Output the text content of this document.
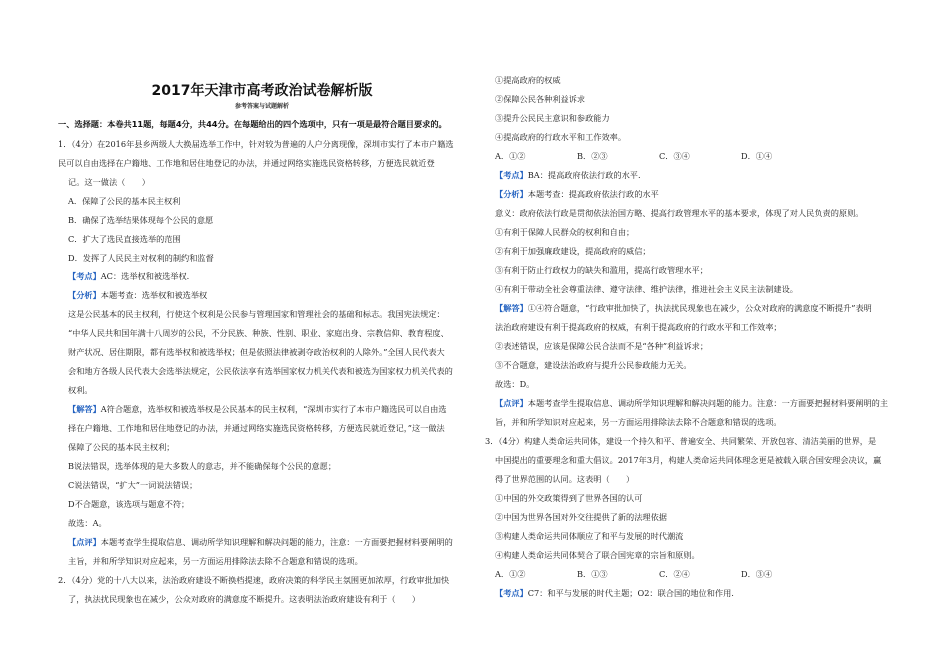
2017年天津市高考政治试卷解析版
参考答案与试题解析
一、选择题：本卷共11题，每题4分，共44分。在每题给出的四个选项中，只有一项是最符合题目要求的。
1．（4分）在2016年县乡两级人大换届选举工作中，针对较为普遍的人户分离现像，深圳市实行了本市户籍选
民可以自由选择在户籍地、工作地和居住地登记的办法，并通过网络实施选民资格转移，方便选民就近登
记。这一做法（　　）
A．保障了公民的基本民主权利
B．确保了选举结果体现每个公民的意愿
C．扩大了选民直接选举的范围
D．发挥了人民民主对权利的制约和监督
【考点】AC：选举权和被选举权.
【分析】本题考查：选举权和被选举权
这是公民基本的民主权利，行使这个权利是公民参与管理国家和管理社会的基础和标志。我国宪法规定：
“中华人民共和国年满十八周岁的公民，不分民族、种族、性别、职业、家庭出身、宗教信仰、教育程度、
财产状况、居住期限，都有选举权和被选举权；但是依照法律被剥夺政治权利的人除外。”全国人民代表大
会和地方各级人民代表大会选举法规定，公民依法享有选举国家权力机关代表和被选为国家权力机关代表的
权利。
【解答】A符合题意，选举权和被选举权是公民基本的民主权利，“深圳市实行了本市户籍选民可以自由选
择在户籍地、工作地和居住地登记的办法，并通过网络实施选民资格转移，方便选民就近登记，”这一做法
保障了公民的基本民主权利；
B说法错误，选举体现的是大多数人的意志，并不能确保每个公民的意愿；
C说法错误，“扩大”一词说法错误；
D不合题意，该选项与题意不符；
故选：A。
【点评】本题考查学生提取信息、调动所学知识理解和解决问题的能力，注意：一方面要把握材料要阐明的
主旨，并和所学知识对应起来，另一方面运用排除法去除不合题意和错误的选项。
2．（4分）党的十八大以来，法治政府建设不断换档提速，政府决策的科学民主氛围更加浓厚，行政审批加快
了，执法扰民现象也在减少，公众对政府的满意度不断提升。这表明法治政府建设有利于（　　）
①提高政府的权威
②保障公民各种利益诉求
③提升公民民主意识和参政能力
④提高政府的行政水平和工作效率。
A．①②	B．②③	C．③④	D．①④
【考点】BA：提高政府依法行政的水平.
【分析】本题考查：提高政府依法行政的水平
意义：政府依法行政是贯彻依法治国方略、提高行政管理水平的基本要求，体现了对人民负责的原则。
①有利于保障人民群众的权利和自由；
②有利于加强廉政建设，提高政府的威信；
③有利于防止行政权力的缺失和滥用，提高行政管理水平；
④有利于带动全社会尊重法律、遵守法律、维护法律，推进社会主义民主法制建设。
【解答】①④符合题意，“行政审批加快了，执法扰民现象也在减少，公众对政府的满意度不断提升”表明
法治政府建设有利于提高政府的权威，有利于提高政府的行政水平和工作效率；
②表述错误，应该是保障公民合法而不是“各种”利益诉求；
③不合题意，建设法治政府与提升公民参政能力无关。
故选：D。
【点评】本题考查学生提取信息、调动所学知识理解和解决问题的能力。注意：一方面要把握材料要阐明的主
旨，并和所学知识对应起来，另一方面运用排除法去除不合题意和错误的选项。
3．（4分）构建人类命运共同体，建设一个持久和平、普遍安全、共同繁荣、开放包容、清洁美丽的世界，是
中国提出的重要理念和重大倡议。2017年3月，构建人类命运共同体理念更是被载入联合国安理会决议，赢
得了世界范围的认同。这表明（　　）
①中国的外交政策得到了世界各国的认可
②中国为世界各国对外交往提供了新的法理依据
③构建人类命运共同体顺应了和平与发展的时代潮流
④构建人类命运共同体契合了联合国宪章的宗旨和原则。
A．①②	B．①③	C．②④	D．③④
【考点】C7：和平与发展的时代主题；O2：联合国的地位和作用.
